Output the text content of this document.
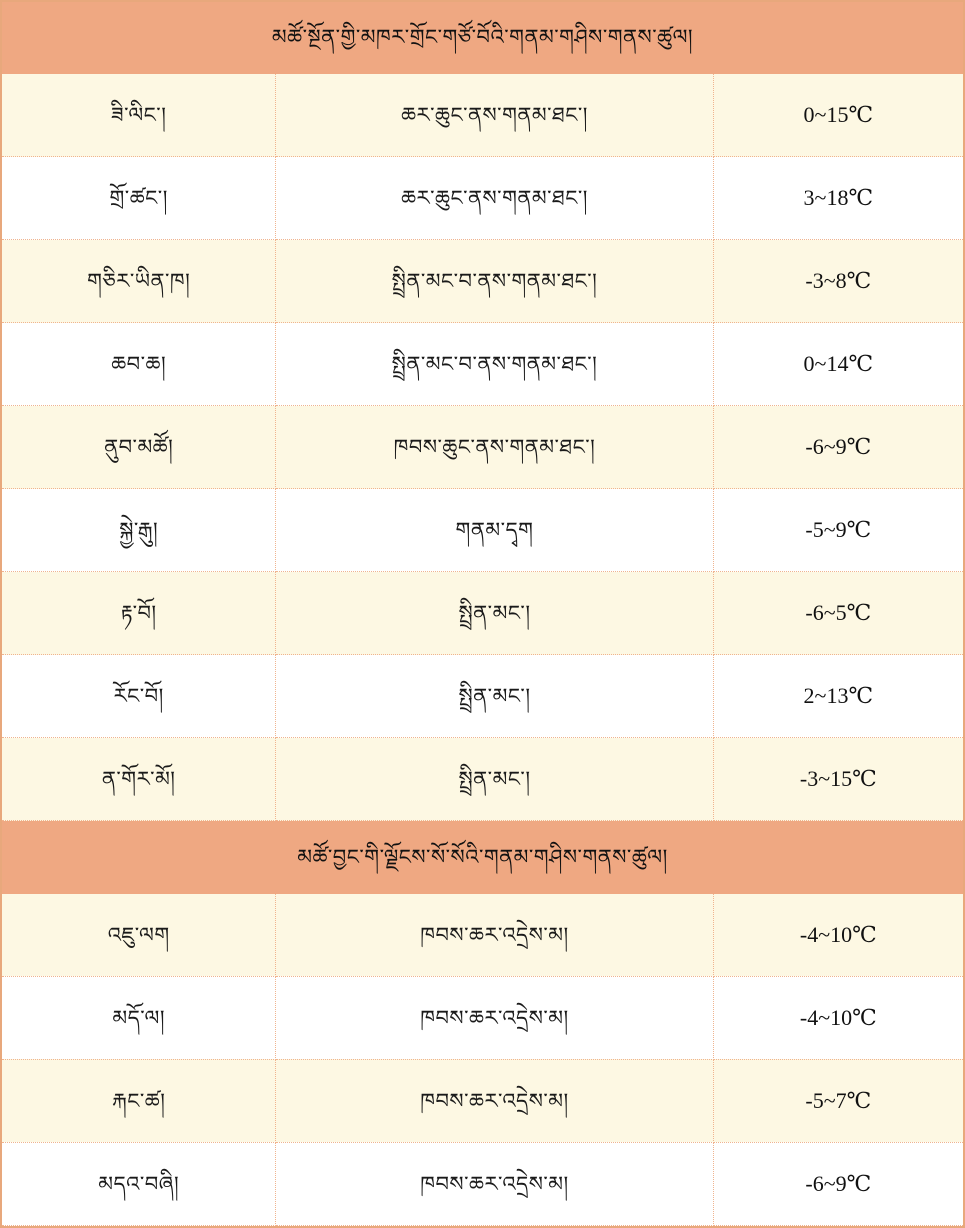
མཚོ་སྔོན་གྱི་མཁར་གྲོང་གཙོ་བོའི་གནམ་གཤིས་གནས་ཚུལ།		

ཟི་ལིང་།	ཆར་ཆུང་ནས་གནམ་ཐང་།	0~15℃
གྲོ་ཚང་།	ཆར་ཆུང་ནས་གནམ་ཐང་།	3~18℃
གཅིར་ཡིན་ཁ།	སྤྲིན་མང་བ་ནས་གནམ་ཐང་།	-3~8℃
ཆབ་ཆ།	སྤྲིན་མང་བ་ནས་གནམ་ཐང་།	0~14℃
ནུབ་མཚོ།	ཁབས་ཆུང་ནས་གནམ་ཐང་།	-6~9℃
སྐྱེ་རྒུ།	གནམ་དྭག	-5~9℃
རྟ་བོ།	སྤྲིན་མང་།	-6~5℃
རོང་བོ།	སྤྲིན་མང་།	2~13℃
ན་གོར་མོ།	སྤྲིན་མང་།	-3~15℃

མཚོ་བྱང་གི་ལྗོངས་སོ་སོའི་གནམ་གཤིས་གནས་ཚུལ།		

འཇུ་ལག	ཁབས་ཆར་འདྲེས་མ།	-4~10℃
མདོ་ལ།	ཁབས་ཆར་འདྲེས་མ།	-4~10℃
རྐང་ཚ།	ཁབས་ཆར་འདྲེས་མ།	-5~7℃
མདའ་བཞི།	ཁབས་ཆར་འདྲེས་མ།	-6~9℃
